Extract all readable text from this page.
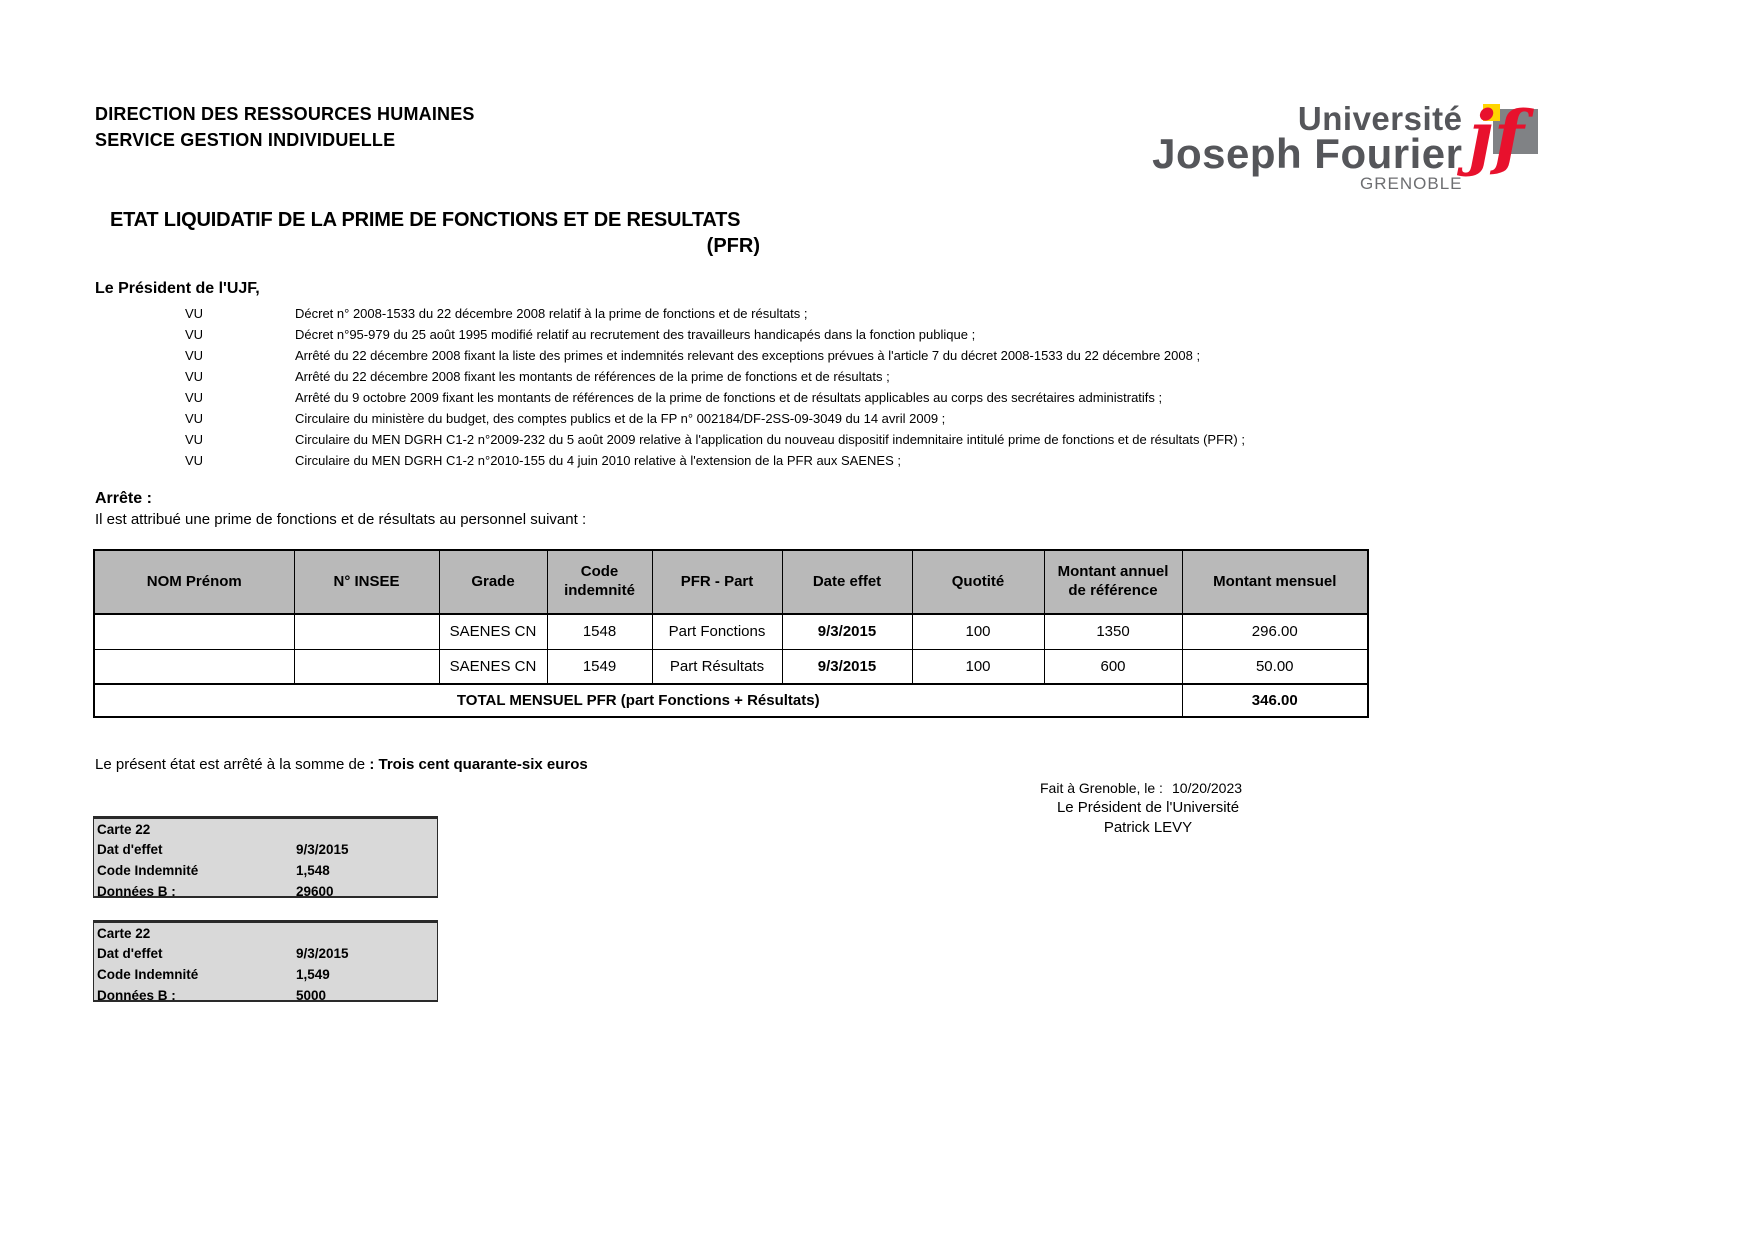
DIRECTION DES RESSOURCES HUMAINES
SERVICE GESTION INDIVIDUELLE
Université
Joseph Fourier
GRENOBLE
jf
ETAT LIQUIDATIF DE LA PRIME DE FONCTIONS ET DE RESULTATS
(PFR)
Le Président de l'UJF,
VU	Décret n° 2008-1533 du 22 décembre 2008 relatif à la prime de fonctions et de résultats ;
VU	Décret n°95-979 du 25 août 1995 modifié relatif au recrutement des travailleurs handicapés dans la fonction publique ;
VU	Arrêté du 22 décembre 2008 fixant la liste des primes et indemnités relevant des exceptions prévues à l'article 7 du décret 2008-1533 du 22 décembre 2008 ;
VU	Arrêté du 22 décembre 2008 fixant les montants de références de la prime de fonctions et de résultats ;
VU	Arrêté du 9 octobre 2009 fixant les montants de références de la prime de fonctions et de résultats applicables au corps des secrétaires administratifs ;
VU	Circulaire du ministère du budget, des comptes publics et de la FP n° 002184/DF-2SS-09-3049 du 14 avril 2009 ;
VU	Circulaire du MEN DGRH C1-2 n°2009-232 du 5 août 2009 relative à l'application du nouveau dispositif indemnitaire intitulé prime de fonctions et de résultats (PFR) ;
VU	Circulaire du MEN DGRH C1-2 n°2010-155 du 4 juin 2010 relative à l'extension de la PFR aux SAENES ;
Arrête :
Il est attribué une prime de fonctions et de résultats au personnel suivant :
NOM Prénom	N° INSEE	Grade	Code indemnité	PFR - Part	Date effet	Quotité	Montant annuel de référence	Montant mensuel
		SAENES CN	1548	Part Fonctions	9/3/2015	100	1350	296.00
		SAENES CN	1549	Part Résultats	9/3/2015	100	600	50.00
TOTAL MENSUEL PFR (part Fonctions + Résultats)								346.00
Le présent état est arrêté à la somme de : Trois cent quarante-six euros
Fait à Grenoble, le : 10/20/2023
Le Président de l'Université
Patrick LEVY
Carte 22
Dat d'effet	9/3/2015
Code Indemnité	1,548
Données B :	29600
Carte 22
Dat d'effet	9/3/2015
Code Indemnité	1,549
Données B :	5000
